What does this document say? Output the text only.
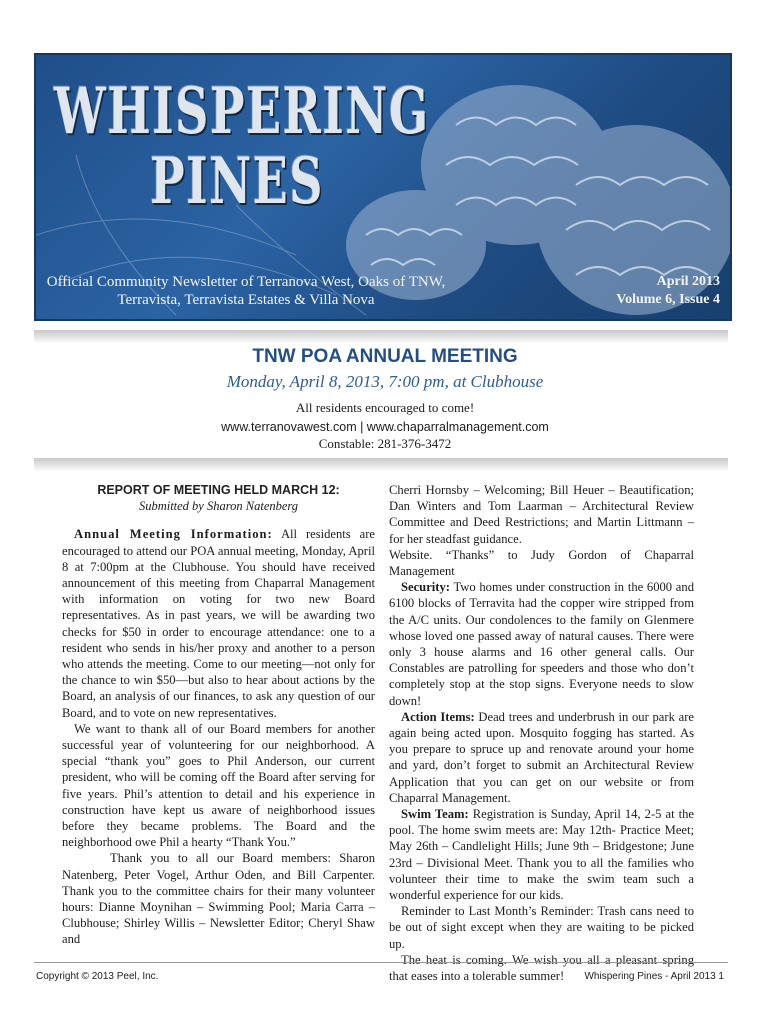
WHISPERING
PINES
Official Community Newsletter of Terranova West, Oaks of TNW,
Terravista, Terravista Estates & Villa Nova
April 2013
Volume 6, Issue 4
TNW POA ANNUAL MEETING
Monday, April 8, 2013, 7:00 pm, at Clubhouse
All residents encouraged to come!
www.terranovawest.com | www.chaparralmanagement.com
Constable: 281-376-3472
REPORT OF MEETING HELD MARCH 12:
Submitted by Sharon Natenberg

Annual Meeting Information: All residents are encouraged to attend our POA annual meeting, Monday, April 8 at 7:00pm at the Clubhouse. You should have received announcement of this meeting from Chaparral Management with information on voting for two new Board representatives. As in past years, we will be awarding two checks for $50 in order to encourage attendance: one to a resident who sends in his/her proxy and another to a person who attends the meeting. Come to our meeting—not only for the chance to win $50—but also to hear about actions by the Board, an analysis of our finances, to ask any question of our Board, and to vote on new representatives.

We want to thank all of our Board members for another successful year of volunteering for our neighborhood. A special “thank you” goes to Phil Anderson, our current president, who will be coming off the Board after serving for five years. Phil’s attention to detail and his experience in construction have kept us aware of neighborhood issues before they became problems. The Board and the neighborhood owe Phil a hearty “Thank You.”

Thank you to all our Board members: Sharon Natenberg, Peter Vogel, Arthur Oden, and Bill Carpenter. Thank you to the committee chairs for their many volunteer hours: Dianne Moynihan – Swimming Pool; Maria Carra – Clubhouse; Shirley Willis – Newsletter Editor; Cheryl Shaw and

Cherri Hornsby – Welcoming; Bill Heuer – Beautification; Dan Winters and Tom Laarman – Architectural Review Committee and Deed Restrictions; and Martin Littmann – for her steadfast guidance.

Website. “Thanks” to Judy Gordon of Chaparral Management

Security: Two homes under construction in the 6000 and 6100 blocks of Terravita had the copper wire stripped from the A/C units. Our condolences to the family on Glenmere whose loved one passed away of natural causes. There were only 3 house alarms and 16 other general calls. Our Constables are patrolling for speeders and those who don’t completely stop at the stop signs. Everyone needs to slow down!

Action Items: Dead trees and underbrush in our park are again being acted upon. Mosquito fogging has started. As you prepare to spruce up and renovate around your home and yard, don’t forget to submit an Architectural Review Application that you can get on our website or from Chaparral Management.

Swim Team: Registration is Sunday, April 14, 2-5 at the pool. The home swim meets are: May 12th- Practice Meet; May 26th – Candlelight Hills; June 9th – Bridgestone; June 23rd – Divisional Meet. Thank you to all the families who volunteer their time to make the swim team such a wonderful experience for our kids.

Reminder to Last Month’s Reminder: Trash cans need to be out of sight except when they are waiting to be picked up.

The heat is coming. We wish you all a pleasant spring that eases into a tolerable summer!

Copyright © 2013 Peel, Inc.	Whispering Pines - April 2013 1
